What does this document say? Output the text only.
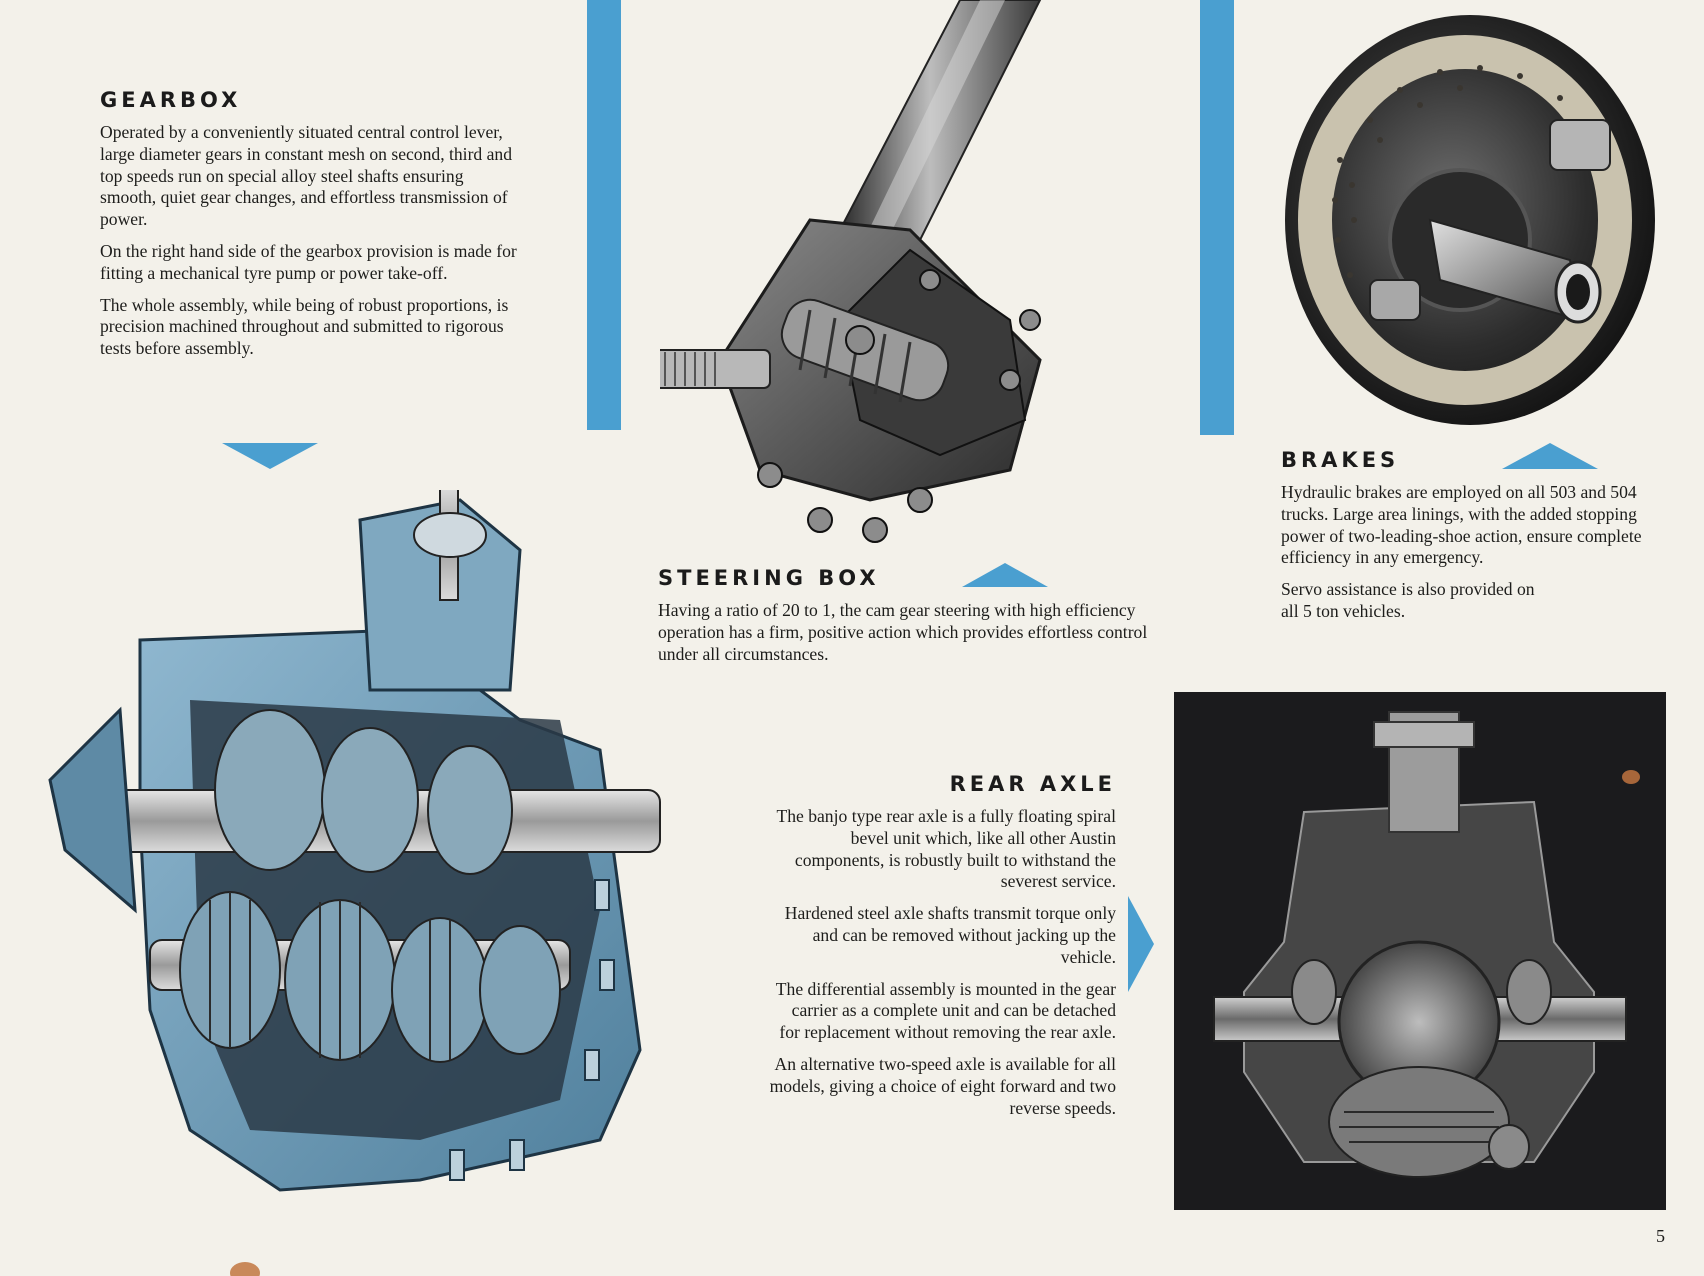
GEARBOX

Operated by a conveniently situated central control lever, large diameter gears in constant mesh on second, third and top speeds run on special alloy steel shafts ensuring smooth, quiet gear changes, and effortless transmission of power.

On the right hand side of the gearbox provision is made for fitting a mechanical tyre pump or power take-off.

The whole assembly, while being of robust proportions, is precision machined throughout and submitted to rigorous tests before assembly.

STEERING BOX

Having a ratio of 20 to 1, the cam gear steering with high efficiency operation has a firm, positive action which provides effortless control under all circumstances.

BRAKES

Hydraulic brakes are employed on all 503 and 504 trucks. Large area linings, with the added stopping power of two-leading-shoe action, ensure complete efficiency in any emergency.

Servo assistance is also provided on all 5 ton vehicles.

REAR AXLE

The banjo type rear axle is a fully floating spiral bevel unit which, like all other Austin components, is robustly built to withstand the severest service.

Hardened steel axle shafts transmit torque only and can be removed without jacking up the vehicle.

The differential assembly is mounted in the gear carrier as a complete unit and can be detached for replacement without removing the rear axle.

An alternative two-speed axle is available for all models, giving a choice of eight forward and two reverse speeds.

5
